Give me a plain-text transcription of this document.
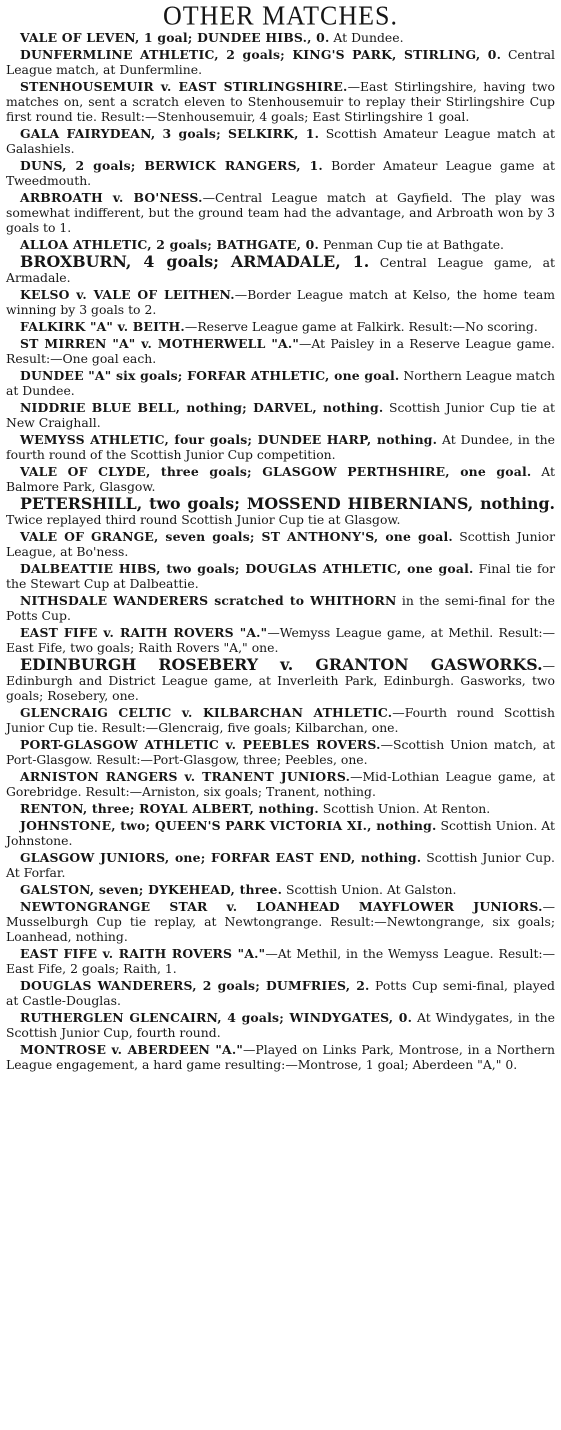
OTHER MATCHES.

VALE OF LEVEN, 1 goal; DUNDEE HIBS., 0. At Dundee.

DUNFERMLINE ATHLETIC, 2 goals; KING'S PARK, STIRLING, 0. Central League match, at Dunfermline.

STENHOUSEMUIR v. EAST STIRLINGSHIRE.—East Stirlingshire, having two matches on, sent a scratch eleven to Stenhousemuir to replay their Stirlingshire Cup first round tie. Result:—Stenhousemuir, 4 goals; East Stirlingshire 1 goal.

GALA FAIRYDEAN, 3 goals; SELKIRK, 1. Scottish Amateur League match at Galashiels.

DUNS, 2 goals; BERWICK RANGERS, 1. Border Amateur League game at Tweedmouth.

ARBROATH v. BO'NESS.—Central League match at Gayfield. The play was somewhat indifferent, but the ground team had the advantage, and Arbroath won by 3 goals to 1.

ALLOA ATHLETIC, 2 goals; BATHGATE, 0. Penman Cup tie at Bathgate.

BROXBURN, 4 goals; ARMADALE, 1. Central League game, at Armadale.

KELSO v. VALE OF LEITHEN.—Border League match at Kelso, the home team winning by 3 goals to 2.

FALKIRK "A" v. BEITH.—Reserve League game at Falkirk. Result:—No scoring.

ST MIRREN "A" v. MOTHERWELL "A."—At Paisley in a Reserve League game. Result:—One goal each.

DUNDEE "A" six goals; FORFAR ATHLETIC, one goal. Northern League match at Dundee.

NIDDRIE BLUE BELL, nothing; DARVEL, nothing. Scottish Junior Cup tie at New Craighall.

WEMYSS ATHLETIC, four goals; DUNDEE HARP, nothing. At Dundee, in the fourth round of the Scottish Junior Cup competition.

VALE OF CLYDE, three goals; GLASGOW PERTHSHIRE, one goal. At Balmore Park, Glasgow.

PETERSHILL, two goals; MOSSEND HIBERNIANS, nothing. Twice replayed third round Scottish Junior Cup tie at Glasgow.

VALE OF GRANGE, seven goals; ST ANTHONY'S, one goal. Scottish Junior League, at Bo'ness.

DALBEATTIE HIBS, two goals; DOUGLAS ATHLETIC, one goal. Final tie for the Stewart Cup at Dalbeattie.

NITHSDALE WANDERERS scratched to WHITHORN in the semi-final for the Potts Cup.

EAST FIFE v. RAITH ROVERS "A."—Wemyss League game, at Methil. Result:—East Fife, two goals; Raith Rovers "A," one.

EDINBURGH ROSEBERY v. GRANTON GASWORKS.—Edinburgh and District League game, at Inverleith Park, Edinburgh. Gasworks, two goals; Rosebery, one.

GLENCRAIG CELTIC v. KILBARCHAN ATHLETIC.—Fourth round Scottish Junior Cup tie. Result:—Glencraig, five goals; Kilbarchan, one.

PORT-GLASGOW ATHLETIC v. PEEBLES ROVERS.—Scottish Union match, at Port-Glasgow. Result:—Port-Glasgow, three; Peebles, one.

ARNISTON RANGERS v. TRANENT JUNIORS.—Mid-Lothian League game, at Gorebridge. Result:—Arniston, six goals; Tranent, nothing.

RENTON, three; ROYAL ALBERT, nothing. Scottish Union. At Renton.

JOHNSTONE, two; QUEEN'S PARK VICTORIA XI., nothing. Scottish Union. At Johnstone.

GLASGOW JUNIORS, one; FORFAR EAST END, nothing. Scottish Junior Cup. At Forfar.

GALSTON, seven; DYKEHEAD, three. Scottish Union. At Galston.

NEWTONGRANGE STAR v. LOANHEAD MAYFLOWER JUNIORS.—Musselburgh Cup tie replay, at Newtongrange. Result:—Newtongrange, six goals; Loanhead, nothing.

EAST FIFE v. RAITH ROVERS "A."—At Methil, in the Wemyss League. Result:—East Fife, 2 goals; Raith, 1.

DOUGLAS WANDERERS, 2 goals; DUMFRIES, 2. Potts Cup semi-final, played at Castle-Douglas.

RUTHERGLEN GLENCAIRN, 4 goals; WINDYGATES, 0. At Windygates, in the Scottish Junior Cup, fourth round.

MONTROSE v. ABERDEEN "A."—Played on Links Park, Montrose, in a Northern League engagement, a hard game resulting:—Montrose, 1 goal; Aberdeen "A," 0.
